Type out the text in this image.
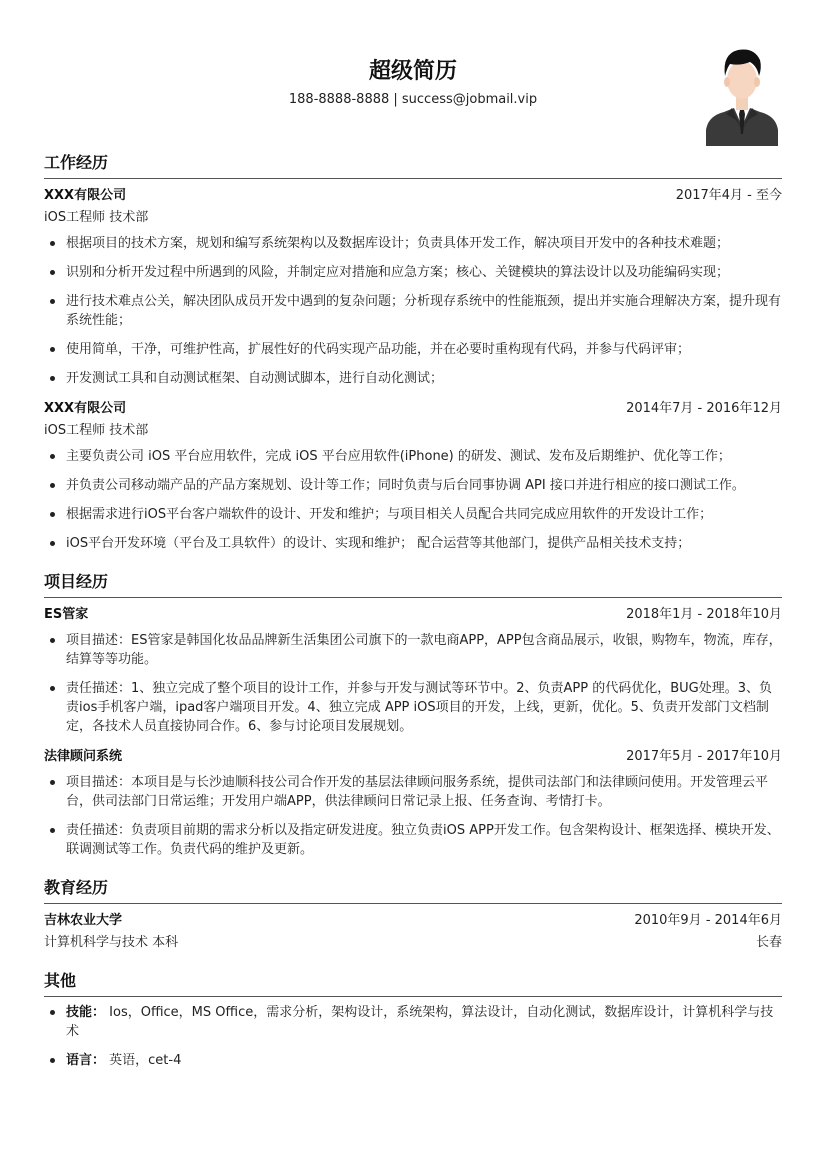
超级简历
188-8888-8888 | success@jobmail.vip
工作经历
XXX有限公司	2017年4月 - 至今
iOS工程师 技术部
根据项目的技术方案，规划和编写系统架构以及数据库设计；负责具体开发工作，解决项目开发中的各种技术难题；
识别和分析开发过程中所遇到的风险，并制定应对措施和应急方案；核心、关键模块的算法设计以及功能编码实现；
进行技术难点公关，解决团队成员开发中遇到的复杂问题；分析现存系统中的性能瓶颈，提出并实施合理解决方案，提升现有系统性能；
使用简单，干净，可维护性高，扩展性好的代码实现产品功能，并在必要时重构现有代码，并参与代码评审；
开发测试工具和自动测试框架、自动测试脚本，进行自动化测试；
XXX有限公司	2014年7月 - 2016年12月
iOS工程师 技术部
主要负责公司 iOS 平台应用软件，完成 iOS 平台应用软件(iPhone) 的研发、测试、发布及后期维护、优化等工作；
并负责公司移动端产品的产品方案规划、设计等工作；同时负责与后台同事协调 API 接口并进行相应的接口测试工作。
根据需求进行iOS平台客户端软件的设计、开发和维护；与项目相关人员配合共同完成应用软件的开发设计工作；
iOS平台开发环境（平台及工具软件）的设计、实现和维护； 配合运营等其他部门，提供产品相关技术支持；
项目经历
ES管家	2018年1月 - 2018年10月
项目描述：ES管家是韩国化妆品品牌新生活集团公司旗下的一款电商APP，APP包含商品展示，收银，购物车，物流，库存，结算等等功能。
责任描述：1、独立完成了整个项目的设计工作，并参与开发与测试等环节中。2、负责APP 的代码优化，BUG处理。3、负责ios手机客户端，ipad客户端项目开发。4、独立完成 APP iOS项目的开发，上线，更新，优化。5、负责开发部门文档制定，各技术人员直接协同合作。6、参与讨论项目发展规划。
法律顾问系统	2017年5月 - 2017年10月
项目描述：本项目是与长沙迪顺科技公司合作开发的基层法律顾问服务系统，提供司法部门和法律顾问使用。开发管理云平台，供司法部门日常运维；开发用户端APP，供法律顾问日常记录上报、任务查询、考情打卡。
责任描述：负责项目前期的需求分析以及指定研发进度。独立负责iOS APP开发工作。包含架构设计、框架选择、模块开发、联调测试等工作。负责代码的维护及更新。
教育经历
吉林农业大学	2010年9月 - 2014年6月
计算机科学与技术 本科	长春
其他
技能： Ios，Office，MS Office，需求分析，架构设计，系统架构，算法设计，自动化测试，数据库设计，计算机科学与技术
语言： 英语，cet-4
